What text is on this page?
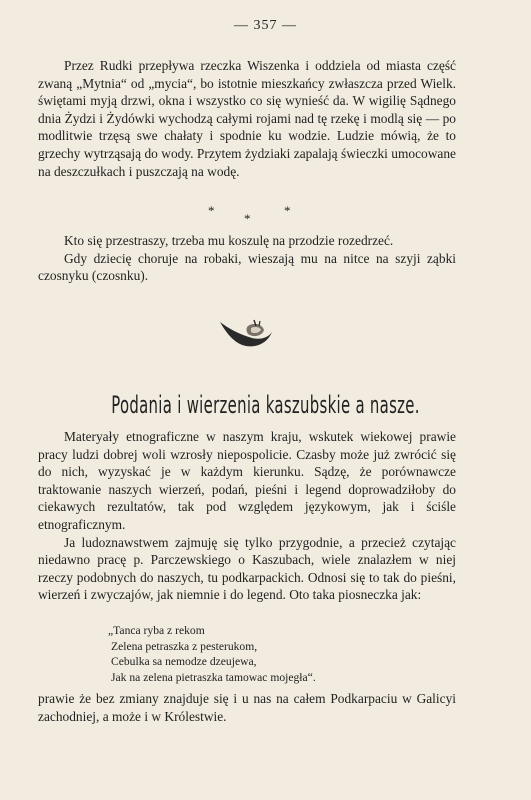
— 357 —

Przez Rudki przepływa rzeczka Wiszenka i oddziela od miasta część zwaną „Mytnia“ od „mycia“, bo istotnie mieszkańcy zwłaszcza przed Wielk. świętami myją drzwi, okna i wszystko co się wynieść da. W wigilię Sądnego dnia Żydzi i Żydówki wychodzą całymi rojami nad tę rzekę i modlą się — po modlitwie trzęsą swe chałaty i spodnie ku wodzie. Ludzie mówią, że to grzechy wytrząsają do wody. Przytem żydziaki zapalają świeczki umocowane na deszczułkach i puszczają na wodę.

*
*
*

Kto się przestraszy, trzeba mu koszulę na przodzie rozedrzeć.

Gdy dziecię choruje na robaki, wieszają mu na nitce na szyji ząbki czosnyku (czosnku).

Podania i wierzenia kaszubskie a nasze.

Materyały etnograficzne w naszym kraju, wskutek wiekowej prawie pracy ludzi dobrej woli wzrosły niepospolicie. Czasby może już zwrócić się do nich, wyzyskać je w każdym kierunku. Sądzę, że porównawcze traktowanie naszych wierzeń, podań, pieśni i legend doprowadziłoby do ciekawych rezultatów, tak pod względem językowym, jak i ściśle etnograficznym.

Ja ludoznawstwem zajmuję się tylko przygodnie, a przecież czytając niedawno pracę p. Parczewskiego o Kaszubach, wiele znalazłem w niej rzeczy podobnych do naszych, tu podkarpackich. Odnosi się to tak do pieśni, wierzeń i zwyczajów, jak niemnie i do legend. Oto taka piosneczka jak:

„Tanca ryba z rekom
Zelena petraszka z pesterukom,
Cebulka sa nemodze dzeujewa,
Jak na zelena pietraszka tamowac mojegła“.

prawie że bez zmiany znajduje się i u nas na całem Podkarpaciu w Galicyi zachodniej, a może i w Królestwie.
